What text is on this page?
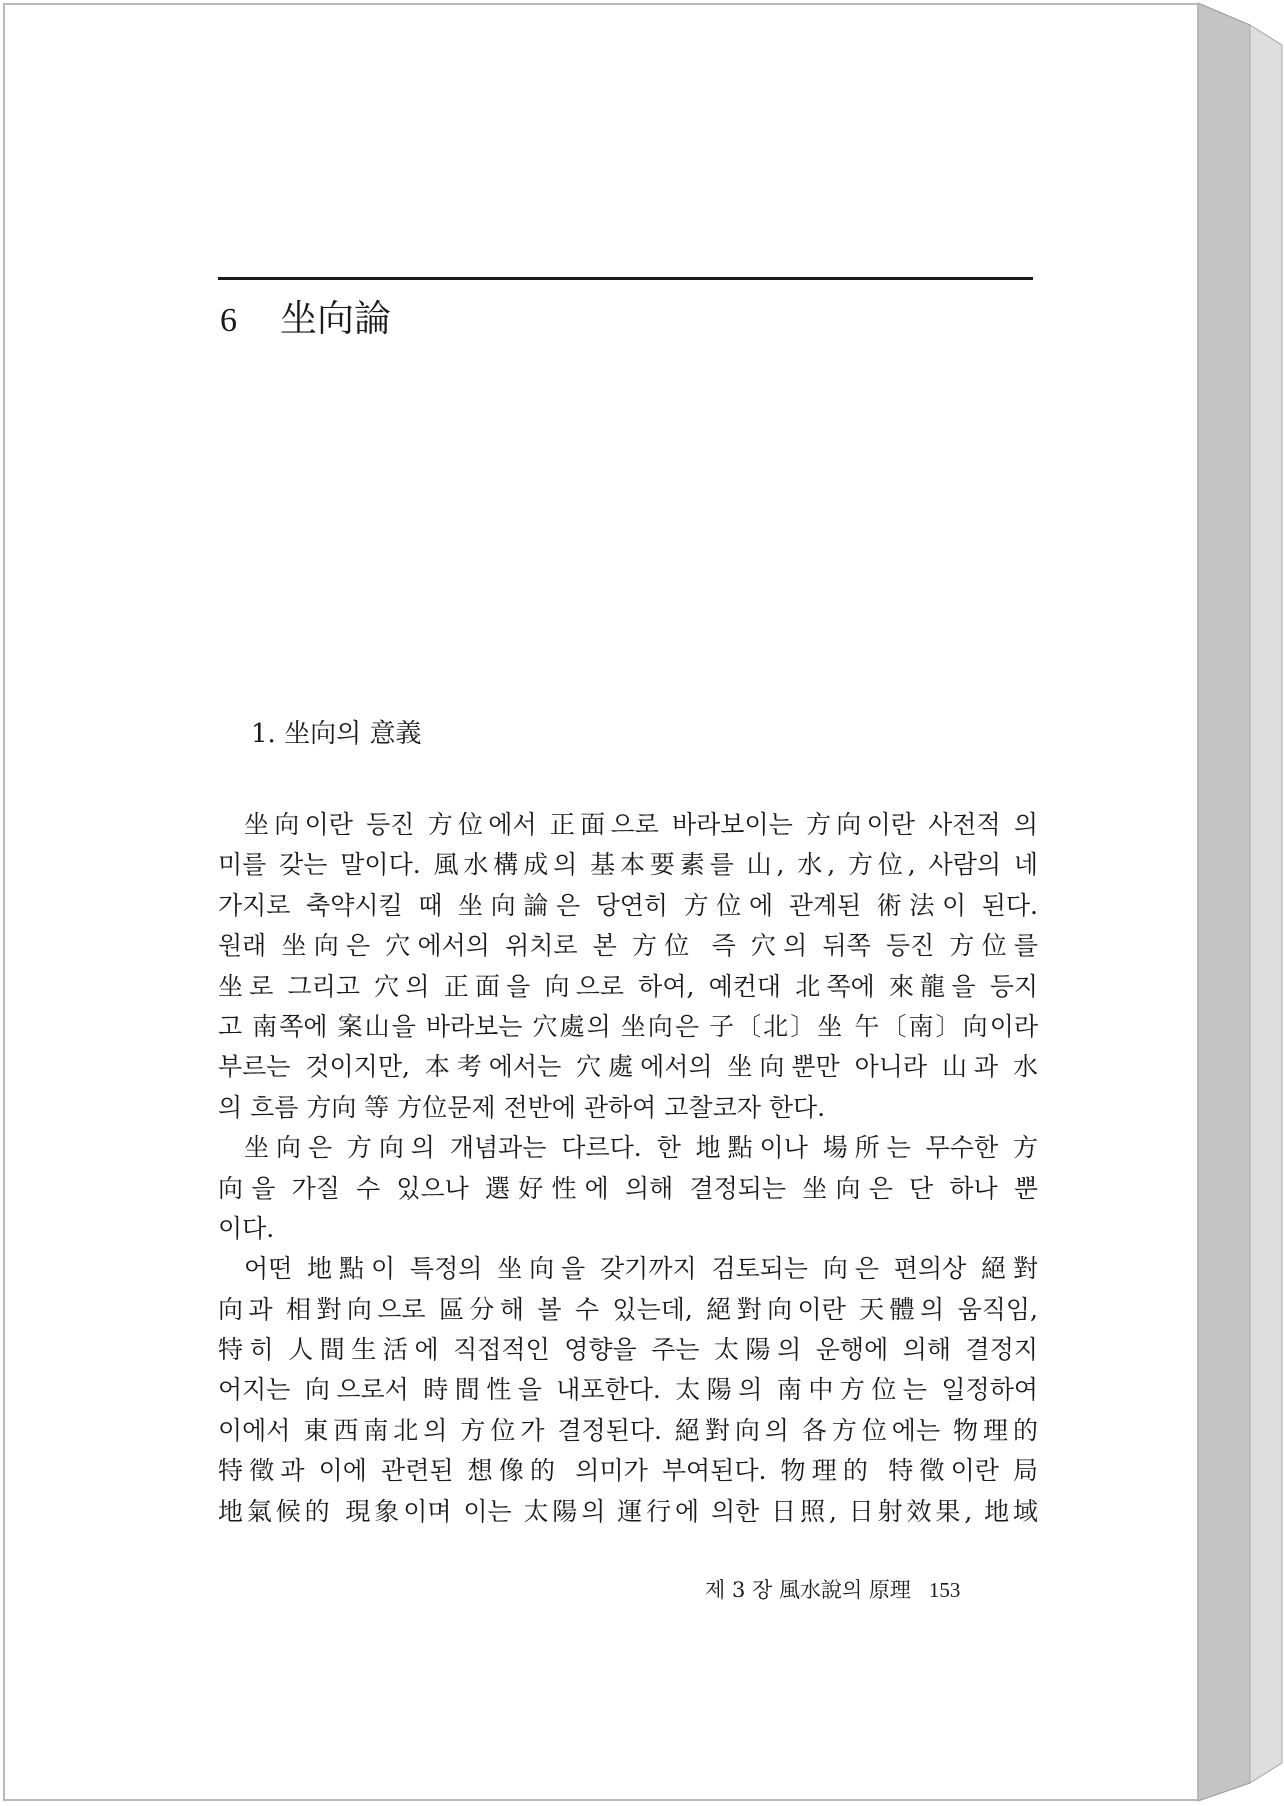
6 坐向論
1. 坐向의 意義
坐向이란 등진 方位에서 正面으로 바라보이는 方向이란 사전적 의
미를 갖는 말이다. 風水構成의 基本要素를 山, 水, 方位, 사람의 네
가지로 축약시킬 때 坐向論은 당연히 方位에 관계된 術法이 된다.
원래 坐向은 穴에서의 위치로 본 方位 즉 穴의 뒤쪽 등진 方位를
坐로 그리고 穴의 正面을 向으로 하여, 예컨대 北쪽에 來龍을 등지
고 南쪽에 案山을 바라보는 穴處의 坐向은 子〔北〕坐 午〔南〕向이라
부르는 것이지만, 本考에서는 穴處에서의 坐向뿐만 아니라 山과 水
의 흐름 方向 等 方位문제 전반에 관하여 고찰코자 한다.
坐向은 方向의 개념과는 다르다. 한 地點이나 場所는 무수한 方
向을 가질 수 있으나 選好性에 의해 결정되는 坐向은 단 하나 뿐
이다.
어떤 地點이 특정의 坐向을 갖기까지 검토되는 向은 편의상 絕對
向과 相對向으로 區分해 볼 수 있는데, 絕對向이란 天體의 움직임,
特히 人間生活에 직접적인 영향을 주는 太陽의 운행에 의해 결정지
어지는 向으로서 時間性을 내포한다. 太陽의 南中方位는 일정하여
이에서 東西南北의 方位가 결정된다. 絕對向의 各方位에는 物理的
特徵과 이에 관련된 想像的 의미가 부여된다. 物理的 特徵이란 局
地氣候的 現象이며 이는 太陽의 運行에 의한 日照, 日射效果, 地域
제 3 장 風水說의 原理 153
